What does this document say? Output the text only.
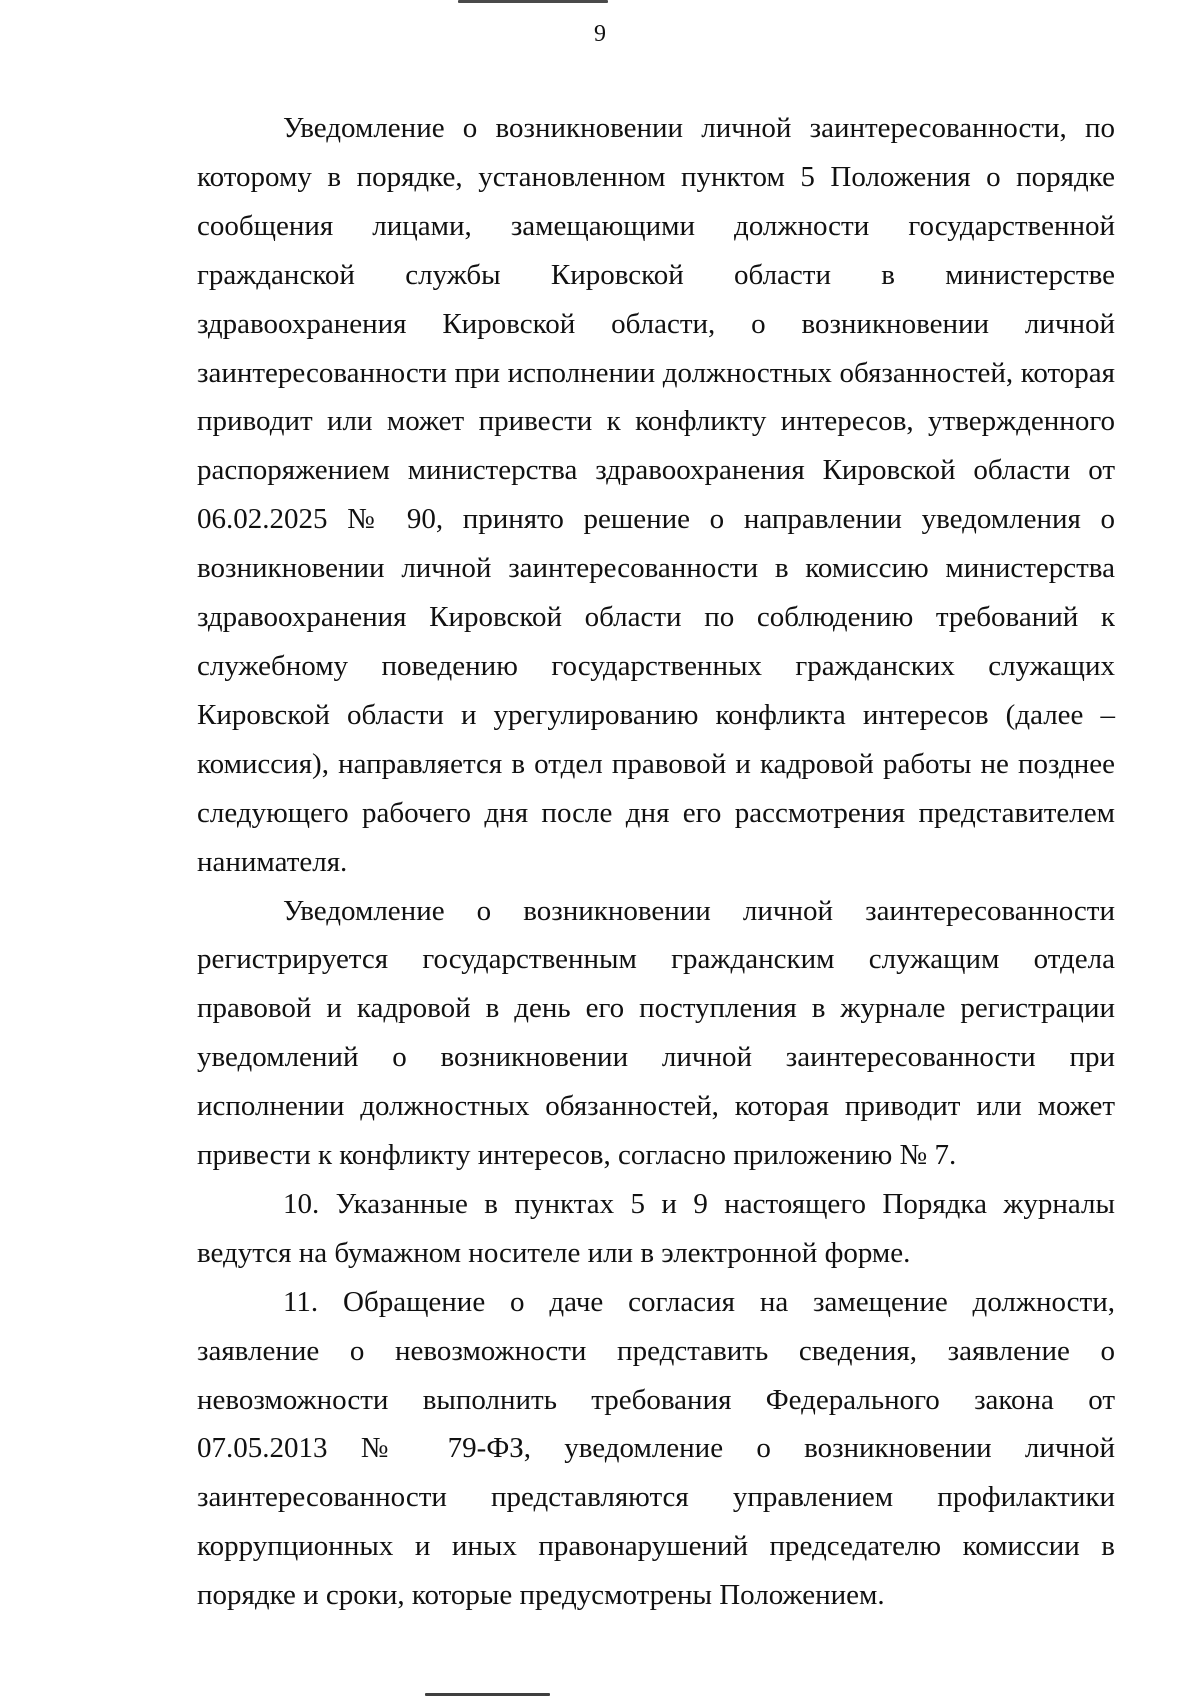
9

Уведомление о возникновении личной заинтересованности, по которому в порядке, установленном пунктом 5 Положения о порядке сообщения лицами, замещающими должности государственной гражданской службы Кировской области в министерстве здравоохранения Кировской области, о возникновении личной заинтересованности при исполнении должностных обязанностей, которая приводит или может привести к конфликту интересов, утвержденного распоряжением министерства здравоохранения Кировской области от 06.02.2025 № 90, принято решение о направлении уведомления о возникновении личной заинтересованности в комиссию министерства здравоохранения Кировской области по соблюдению требований к служебному поведению государственных гражданских служащих Кировской области и урегулированию конфликта интересов (далее – комиссия), направляется в отдел правовой и кадровой работы не позднее следующего рабочего дня после дня его рассмотрения представителем нанимателя.

Уведомление о возникновении личной заинтересованности регистрируется государственным гражданским служащим отдела правовой и кадровой в день его поступления в журнале регистрации уведомлений о возникновении личной заинтересованности при исполнении должностных обязанностей, которая приводит или может привести к конфликту интересов, согласно приложению № 7.

10. Указанные в пунктах 5 и 9 настоящего Порядка журналы ведутся на бумажном носителе или в электронной форме.

11. Обращение о даче согласия на замещение должности, заявление о невозможности представить сведения, заявление о невозможности выполнить требования Федерального закона от 07.05.2013 № 79-ФЗ, уведомление о возникновении личной заинтересованности представляются управлением профилактики коррупционных и иных правонарушений председателю комиссии в порядке и сроки, которые предусмотрены Положением.
